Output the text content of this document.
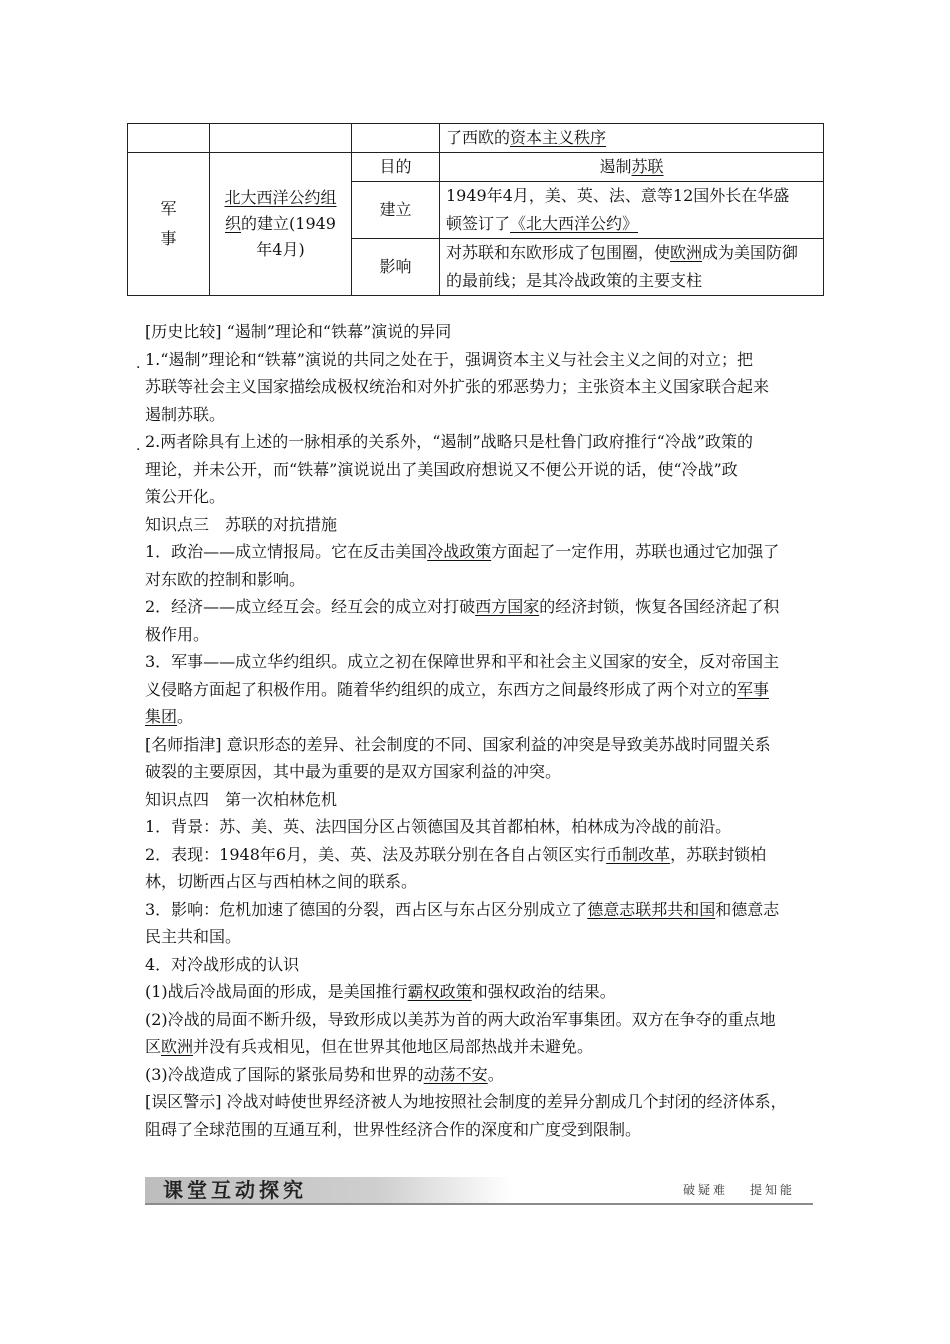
			了西欧的资本主义秩序
军
事	北大西洋公约组
织的建立(1949
年4月)	目的	遏制苏联
		建立	1949年4月，美、英、法、意等12国外长在华盛
顿签订了《北大西洋公约》
		影响	对苏联和东欧形成了包围圈，使欧洲成为美国防御
的最前线；是其冷战政策的主要支柱
·
·
[历史比较] “遏制”理论和“铁幕”演说的异同
1.“遏制”理论和“铁幕”演说的共同之处在于，强调资本主义与社会主义之间的对立；把
苏联等社会主义国家描绘成极权统治和对外扩张的邪恶势力；主张资本主义国家联合起来
遏制苏联。
2.两者除具有上述的一脉相承的关系外，“遏制”战略只是杜鲁门政府推行“冷战”政策的
理论，并未公开，而“铁幕”演说说出了美国政府想说又不便公开说的话，使“冷战”政
策公开化。
知识点三　苏联的对抗措施
1．政治——成立情报局。它在反击美国冷战政策方面起了一定作用，苏联也通过它加强了
对东欧的控制和影响。
2．经济——成立经互会。经互会的成立对打破西方国家的经济封锁，恢复各国经济起了积
极作用。
3．军事——成立华约组织。成立之初在保障世界和平和社会主义国家的安全，反对帝国主
义侵略方面起了积极作用。随着华约组织的成立，东西方之间最终形成了两个对立的军事
集团。
[名师指津] 意识形态的差异、社会制度的不同、国家利益的冲突是导致美苏战时同盟关系
破裂的主要原因，其中最为重要的是双方国家利益的冲突。
知识点四　第一次柏林危机
1．背景：苏、美、英、法四国分区占领德国及其首都柏林，柏林成为冷战的前沿。
2．表现：1948年6月，美、英、法及苏联分别在各自占领区实行币制改革，苏联封锁柏
林，切断西占区与西柏林之间的联系。
3．影响：危机加速了德国的分裂，西占区与东占区分别成立了德意志联邦共和国和德意志
民主共和国。
4．对冷战形成的认识
(1)战后冷战局面的形成，是美国推行霸权政策和强权政治的结果。
(2)冷战的局面不断升级，导致形成以美苏为首的两大政治军事集团。双方在争夺的重点地
区欧洲并没有兵戎相见，但在世界其他地区局部热战并未避免。
(3)冷战造成了国际的紧张局势和世界的动荡不安。
[误区警示] 冷战对峙使世界经济被人为地按照社会制度的差异分割成几个封闭的经济体系，
阻碍了全球范围的互通互利，世界性经济合作的深度和广度受到限制。
课堂互动探究	破疑难 提知能
